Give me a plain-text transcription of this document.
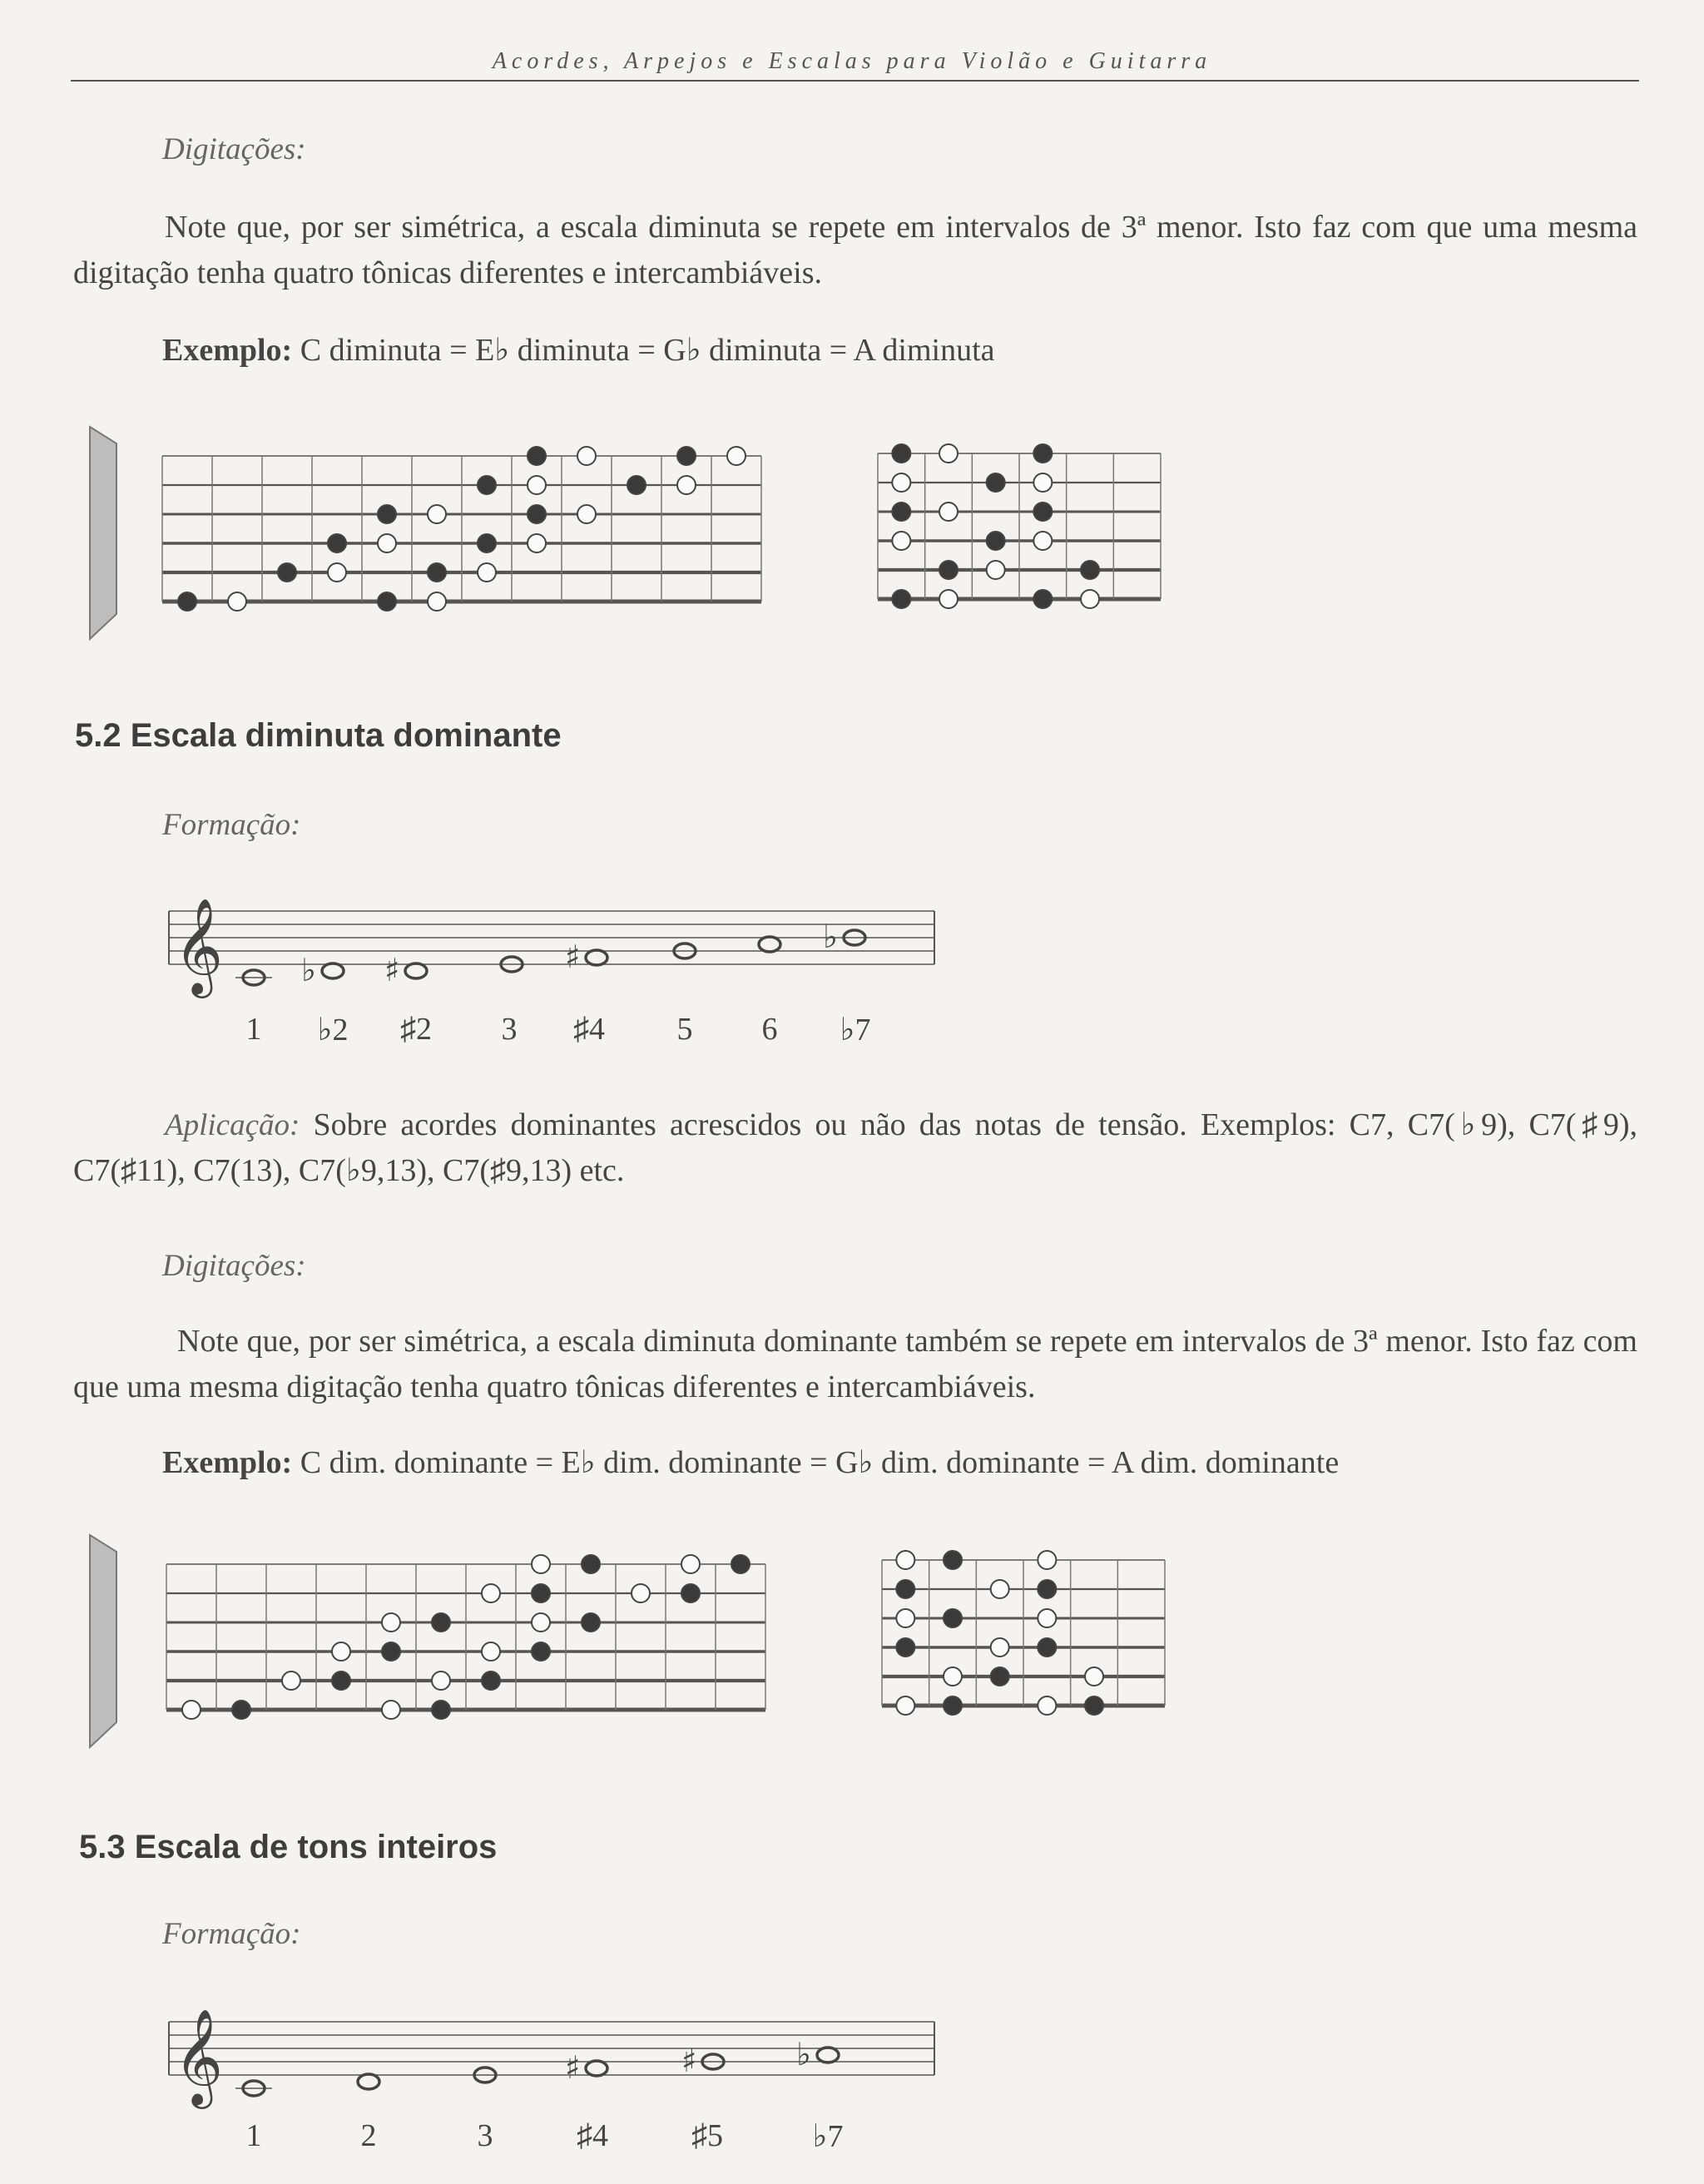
Acordes, Arpejos e Escalas para Violão e Guitarra
Digitações:
Note que, por ser simétrica, a escala diminuta se repete em intervalos de 3ª menor. Isto faz com que uma mesma digitação tenha quatro tônicas diferentes e intercambiáveis.
Exemplo: C diminuta = E♭ diminuta = G♭ diminuta = A diminuta
5.2 Escala diminuta dominante
Formação:
𝄞 ♭ ♯	♯
♭
1 ♭2 ♯2 3 ♯4 5 6 ♭7
Aplicação: Sobre acordes dominantes acrescidos ou não das notas de tensão. Exemplos: C7, C7(♭9), C7(♯9), C7(♯11), C7(13), C7(♭9,13), C7(♯9,13) etc.
Digitações:
Note que, por ser simétrica, a escala diminuta dominante também se repete em intervalos de 3ª menor. Isto faz com que uma mesma digitação tenha quatro tônicas diferentes e intercambiáveis.
Exemplo: C dim. dominante = E♭ dim. dominante = G♭ dim. dominante = A dim. dominante
5.3 Escala de tons inteiros
Formação:
𝄞	♯	♯	♭
1	2	3	♯4	♯5	♭7
